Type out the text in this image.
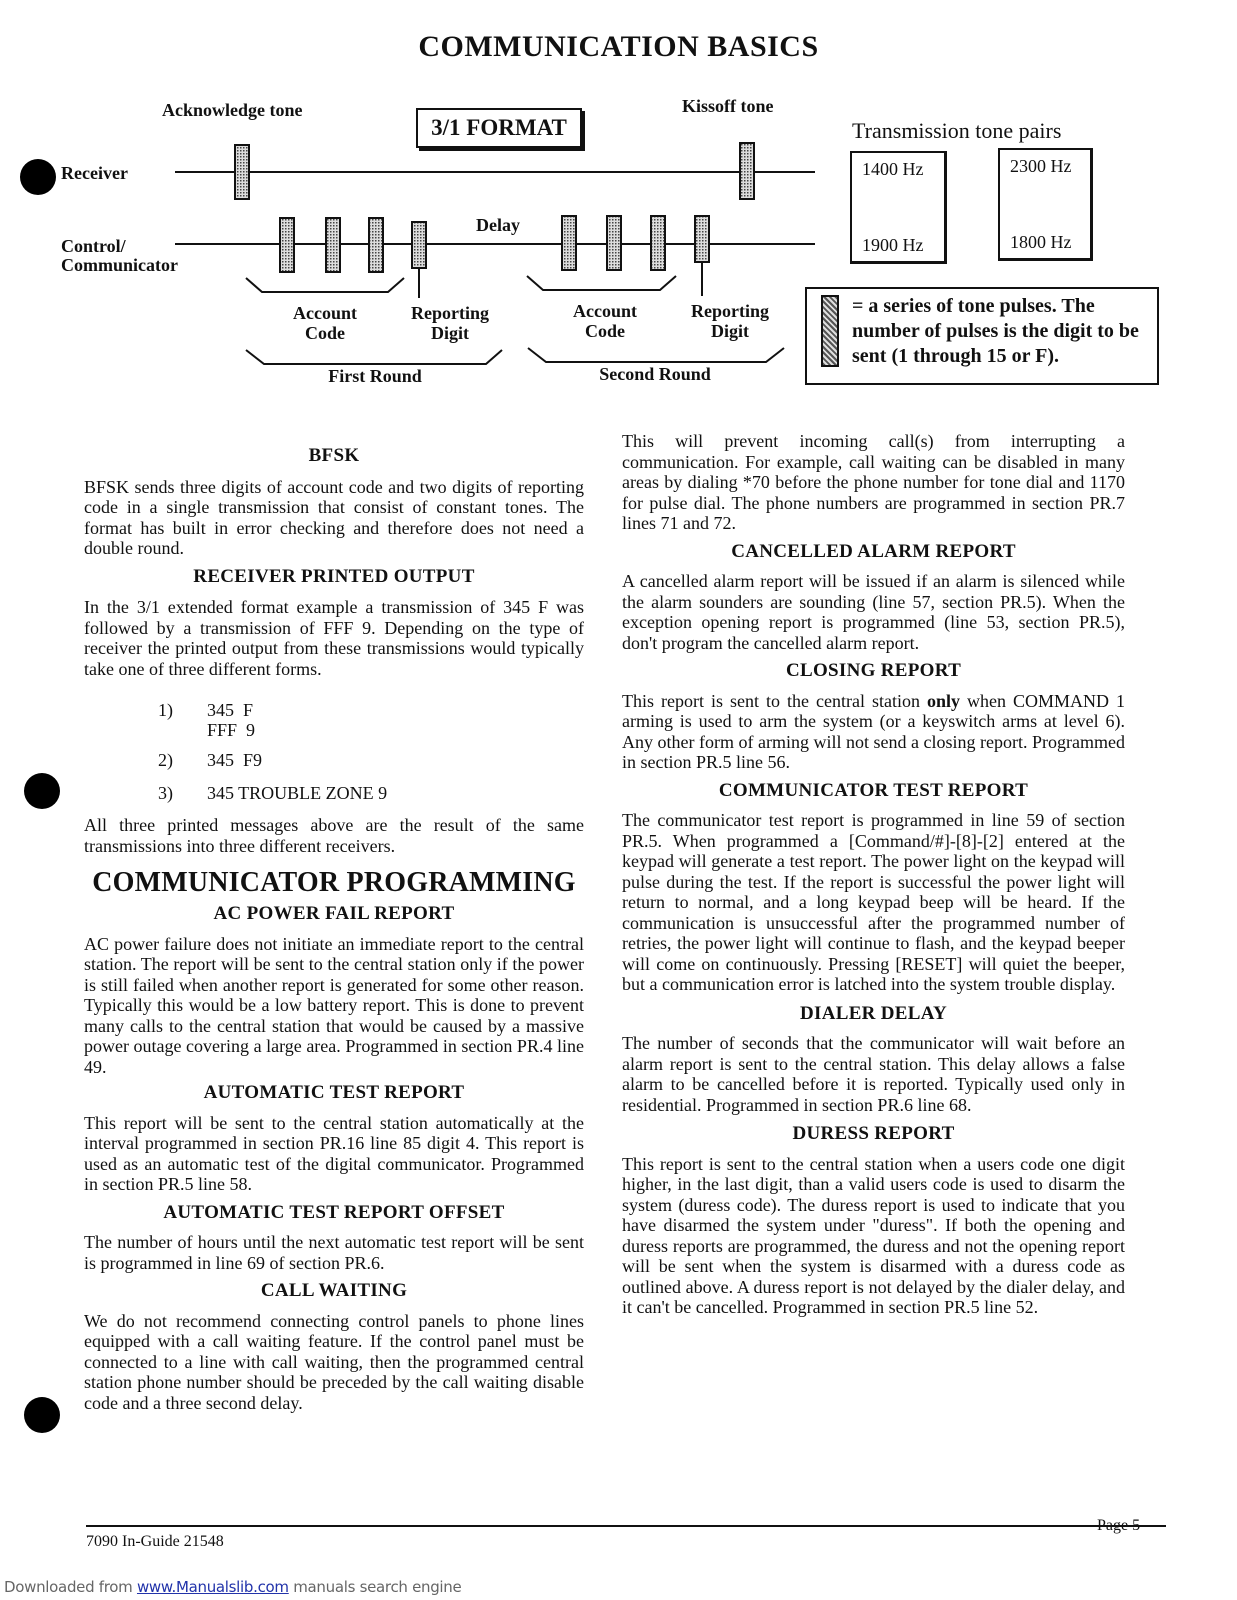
COMMUNICATION BASICS
Acknowledge tone
3/1 FORMAT
Kissoff tone
Receiver
Control/
Communicator
Delay
Account
Code
Reporting
Digit
Account
Code
Reporting
Digit
First Round	Second Round
Transmission tone pairs
1400 Hz
1900 Hz
2300 Hz
1800 Hz
= a series of tone pulses. The number of pulses is the digit to be sent (1 through 15 or F).

BFSK

BFSK sends three digits of account code and two digits of reporting code in a single transmission that consist of constant tones. The format has built in error checking and therefore does not need a double round.

RECEIVER PRINTED OUTPUT

In the 3/1 extended format example a transmission of 345 F was followed by a transmission of FFF 9. Depending on the type of receiver the printed output from these transmissions would typically take one of three different forms.

1) 345  F
FFF  9
2) 345  F9
3) 345 TROUBLE ZONE 9

All three printed messages above are the result of the same transmissions into three different receivers.

COMMUNICATOR PROGRAMMING

AC POWER FAIL REPORT

AC power failure does not initiate an immediate report to the central station. The report will be sent to the central station only if the power is still failed when another report is generated for some other reason. Typically this would be a low battery report. This is done to prevent many calls to the central station that would be caused by a massive power outage covering a large area. Programmed in section PR.4 line 49.

AUTOMATIC TEST REPORT

This report will be sent to the central station automatically at the interval programmed in section PR.16 line 85 digit 4. This report is used as an automatic test of the digital communicator. Programmed in section PR.5 line 58.

AUTOMATIC TEST REPORT OFFSET

The number of hours until the next automatic test report will be sent is programmed in line 69 of section PR.6.

CALL WAITING

We do not recommend connecting control panels to phone lines equipped with a call waiting feature. If the control panel must be connected to a line with call waiting, then the programmed central station phone number should be preceded by the call waiting disable code and a three second delay.

This will prevent incoming call(s) from interrupting a communication. For example, call waiting can be disabled in many areas by dialing *70 before the phone number for tone dial and 1170 for pulse dial. The phone numbers are programmed in section PR.7 lines 71 and 72.

CANCELLED ALARM REPORT

A cancelled alarm report will be issued if an alarm is silenced while the alarm sounders are sounding (line 57, section PR.5). When the exception opening report is programmed (line 53, section PR.5), don't program the cancelled alarm report.

CLOSING REPORT

This report is sent to the central station only when COMMAND 1 arming is used to arm the system (or a keyswitch arms at level 6). Any other form of arming will not send a closing report. Programmed in section PR.5 line 56.

COMMUNICATOR TEST REPORT

The communicator test report is programmed in line 59 of section PR.5. When programmed a [Command/#]-[8]-[2] entered at the keypad will generate a test report. The power light on the keypad will pulse during the test. If the report is successful the power light will return to normal, and a long keypad beep will be heard. If the communication is unsuccessful after the programmed number of retries, the power light will continue to flash, and the keypad beeper will come on continuously. Pressing [RESET] will quiet the beeper, but a communication error is latched into the system trouble display.

DIALER DELAY

The number of seconds that the communicator will wait before an alarm report is sent to the central station. This delay allows a false alarm to be cancelled before it is reported. Typically used only in residential. Programmed in section PR.6 line 68.

DURESS REPORT

This report is sent to the central station when a users code one digit higher, in the last digit, than a valid users code is used to disarm the system (duress code). The duress report is used to indicate that you have disarmed the system under "duress". If both the opening and duress reports are programmed, the duress and not the opening report will be sent when the system is disarmed with a duress code as outlined above. A duress report is not delayed by the dialer delay, and it can't be cancelled. Programmed in section PR.5 line 52.

7090 In-Guide 21548
Page 5
Downloaded from www.Manualslib.com manuals search engine
